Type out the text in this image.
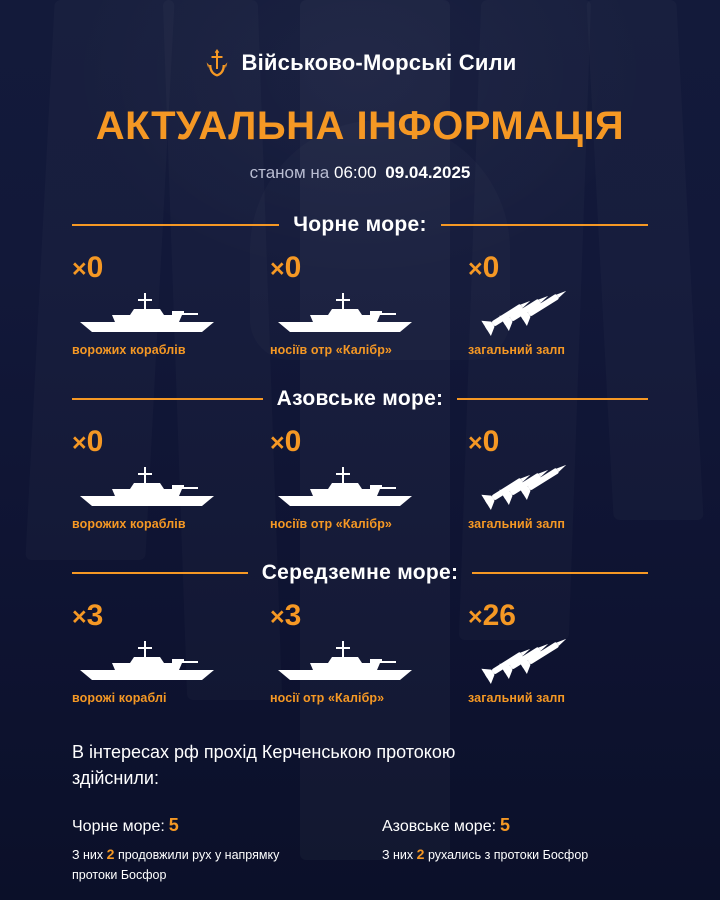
Військово-Морські Сили
АКТУАЛЬНА ІНФОРМАЦІЯ
станом на 06:00 09.04.2025
Чорне море:
×0
ворожих кораблів
×0
носіїв отр «Калібр»
×0
загальний залп
Азовське море:
×0
ворожих кораблів
×0
носіїв отр «Калібр»
×0
загальний залп
Середземне море:
×3
ворожі кораблі
×3
носії отр «Калібр»
×26
загальний залп
В інтересах рф прохід Керченською протокою здійснили:
Чорне море: 5
З них 2 продовжили рух у напрямку протоки Босфор
Азовське море: 5
З них 2 рухались з протоки Босфор
